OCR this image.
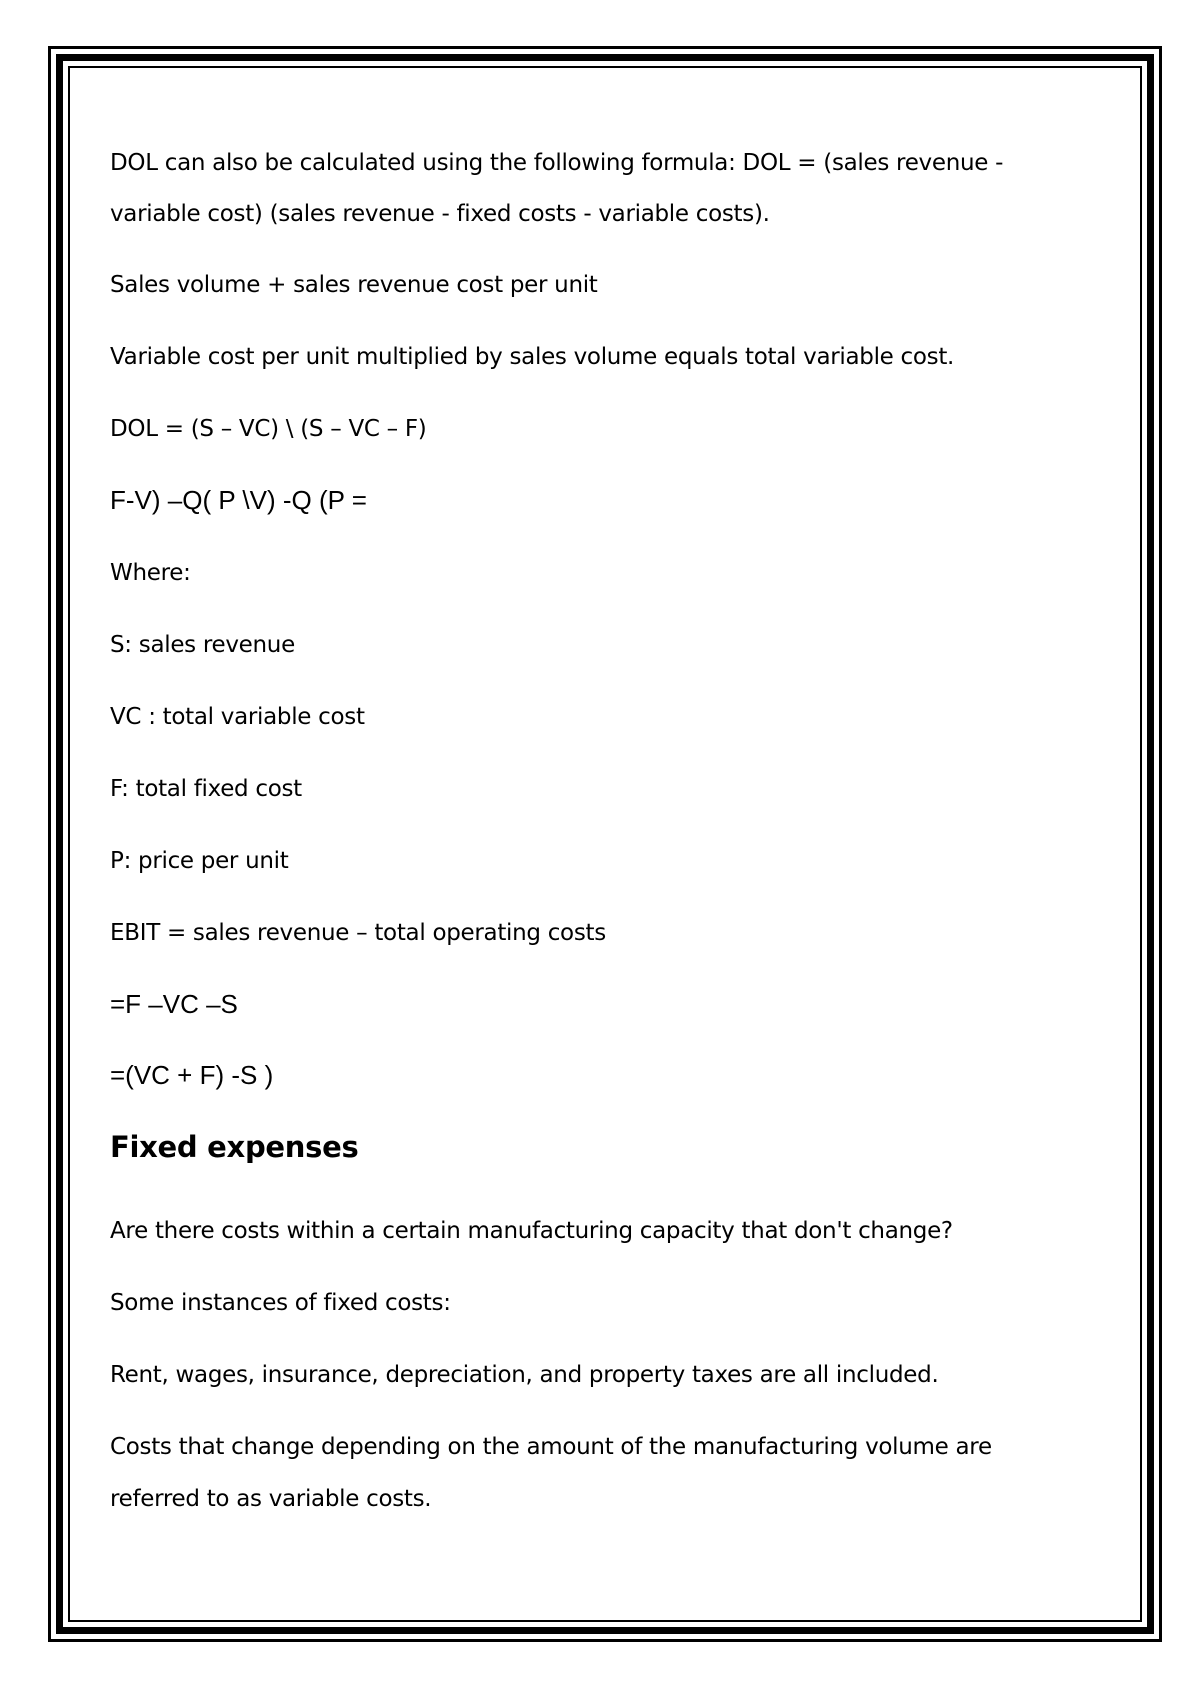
DOL can also be calculated using the following formula: DOL = (sales revenue -
variable cost) (sales revenue - fixed costs - variable costs).
Sales volume + sales revenue cost per unit
Variable cost per unit multiplied by sales volume equals total variable cost.
DOL = (S – VC) \ (S – VC – F)
F-V) –Q( P \V) -Q (P =
Where:
S: sales revenue
VC : total variable cost
F: total fixed cost
P: price per unit
EBIT = sales revenue – total operating costs
=F –VC –S
=(VC + F) -S )
Fixed expenses
Are there costs within a certain manufacturing capacity that don't change?
Some instances of fixed costs:
Rent, wages, insurance, depreciation, and property taxes are all included.
Costs that change depending on the amount of the manufacturing volume are
referred to as variable costs.
